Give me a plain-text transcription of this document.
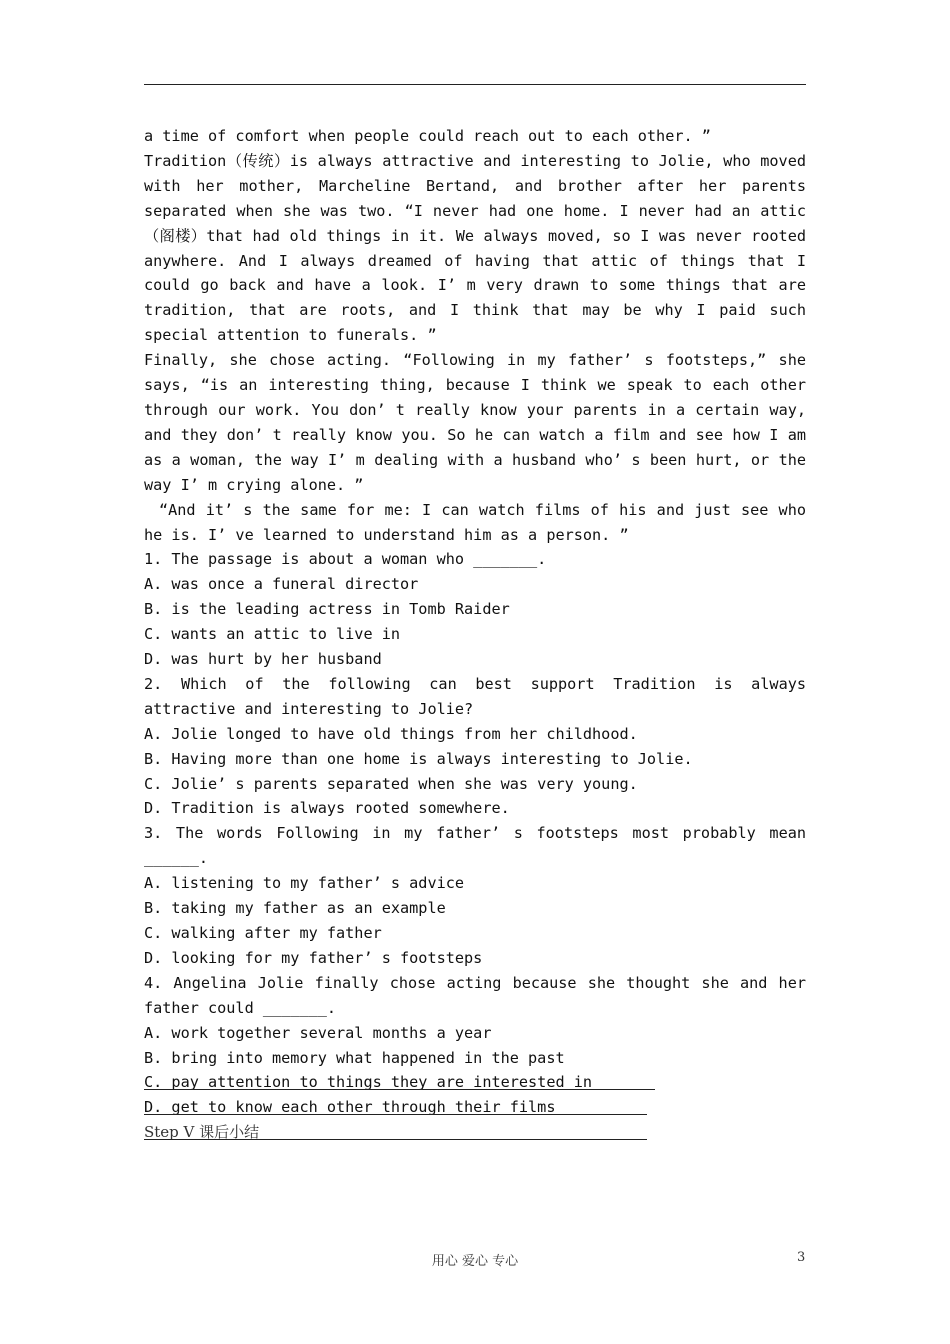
a time of comfort when people could reach out to each other. ”

Tradition（传统）is always attractive and interesting to Jolie, who moved with her mother, Marcheline Bertand, and brother after her parents separated when she was two. “I never had one home. I never had an attic（阁楼）that had old things in it. We always moved, so I was never rooted anywhere. And I always dreamed of having that attic of things that I could go back and have a look. I’ m very drawn to some things that are tradition, that are roots, and I think that may be why I paid such special attention to funerals. ”

Finally, she chose acting. “Following in my father’ s footsteps,” she says, “is an interesting thing, because I think we speak to each other through our work. You don’ t really know your parents in a certain way, and they don’ t really know you. So he can watch a film and see how I am as a woman, the way I’ m dealing with a husband who’ s been hurt, or the way I’ m crying alone. ”

“And it’ s the same for me: I can watch films of his and just see who he is. I’ ve learned to understand him as a person. ”

1. The passage is about a woman who _______.

A. was once a funeral director

B. is the leading actress in Tomb Raider

C. wants an attic to live in

D. was hurt by her husband

2. Which of the following can best support Tradition is always attractive and interesting to Jolie?

A. Jolie longed to have old things from her childhood.

B. Having more than one home is always interesting to Jolie.

C. Jolie’ s parents separated when she was very young.

D. Tradition is always rooted somewhere.

3. The words Following in my father’ s footsteps most probably mean ______.

A. listening to my father’ s advice

B. taking my father as an example

C. walking after my father

D. looking for my father’ s footsteps

4. Angelina Jolie finally chose acting because she thought she and her father could _______.

A. work together several months a year

B. bring into memory what happened in the past

C. pay attention to things they are interested in

D. get to know each other through their films

Step V 课后小结

用心 爱心 专心	3
